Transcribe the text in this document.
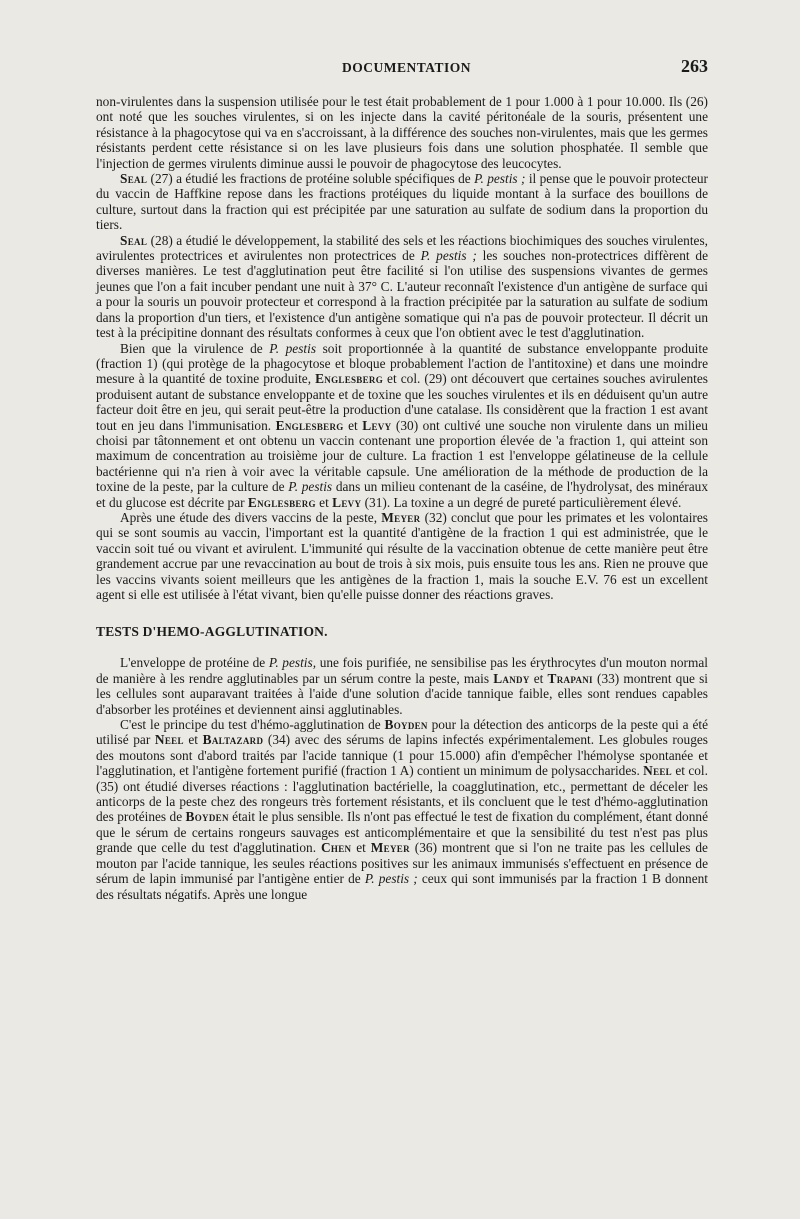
DOCUMENTATION	263

non-virulentes dans la suspension utilisée pour le test était probablement de 1 pour 1.000 à 1 pour 10.000. Ils (26) ont noté que les souches virulentes, si on les injecte dans la cavité péritonéale de la souris, présentent une résistance à la phagocytose qui va en s'accroissant, à la différence des souches non-virulentes, mais que les germes résistants perdent cette résistance si on les lave plusieurs fois dans une solution phosphatée. Il semble que l'injection de germes virulents diminue aussi le pouvoir de phagocytose des leucocytes.

Seal (27) a étudié les fractions de protéine soluble spécifiques de P. pestis ; il pense que le pouvoir protecteur du vaccin de Haffkine repose dans les fractions protéiques du liquide montant à la surface des bouillons de culture, surtout dans la fraction qui est précipitée par une saturation au sulfate de sodium dans la proportion du tiers.

Seal (28) a étudié le développement, la stabilité des sels et les réactions biochimiques des souches virulentes, avirulentes protectrices et avirulentes non protectrices de P. pestis ; les souches non-protectrices diffèrent de diverses manières. Le test d'agglutination peut être facilité si l'on utilise des suspensions vivantes de germes jeunes que l'on a fait incuber pendant une nuit à 37° C. L'auteur reconnaît l'existence d'un antigène de surface qui a pour la souris un pouvoir protecteur et correspond à la fraction précipitée par la saturation au sulfate de sodium dans la proportion d'un tiers, et l'existence d'un antigène somatique qui n'a pas de pouvoir protecteur. Il décrit un test à la précipitine donnant des résultats conformes à ceux que l'on obtient avec le test d'agglutination.

Bien que la virulence de P. pestis soit proportionnée à la quantité de substance enveloppante produite (fraction 1) (qui protège de la phagocytose et bloque probablement l'action de l'antitoxine) et dans une moindre mesure à la quantité de toxine produite, Englesberg et col. (29) ont découvert que certaines souches avirulentes produisent autant de substance enveloppante et de toxine que les souches virulentes et ils en déduisent qu'un autre facteur doit être en jeu, qui serait peut-être la production d'une catalase. Ils considèrent que la fraction 1 est avant tout en jeu dans l'immunisation. Englesberg et Levy (30) ont cultivé une souche non virulente dans un milieu choisi par tâtonnement et ont obtenu un vaccin contenant une proportion élevée de 'a fraction 1, qui atteint son maximum de concentration au troisième jour de culture. La fraction 1 est l'enveloppe gélatineuse de la cellule bactérienne qui n'a rien à voir avec la véritable capsule. Une amélioration de la méthode de production de la toxine de la peste, par la culture de P. pestis dans un milieu contenant de la caséine, de l'hydrolysat, des minéraux et du glucose est décrite par Englesberg et Levy (31). La toxine a un degré de pureté particulièrement élevé.

Après une étude des divers vaccins de la peste, Meyer (32) conclut que pour les primates et les volontaires qui se sont soumis au vaccin, l'important est la quantité d'antigène de la fraction 1 qui est administrée, que le vaccin soit tué ou vivant et avirulent. L'immunité qui résulte de la vaccination obtenue de cette manière peut être grandement accrue par une revaccination au bout de trois à six mois, puis ensuite tous les ans. Rien ne prouve que les vaccins vivants soient meilleurs que les antigènes de la fraction 1, mais la souche E.V. 76 est un excellent agent si elle est utilisée à l'état vivant, bien qu'elle puisse donner des réactions graves.

TESTS D'HEMO-AGGLUTINATION.

L'enveloppe de protéine de P. pestis, une fois purifiée, ne sensibilise pas les érythrocytes d'un mouton normal de manière à les rendre agglutinables par un sérum contre la peste, mais Landy et Trapani (33) montrent que si les cellules sont auparavant traitées à l'aide d'une solution d'acide tannique faible, elles sont rendues capables d'absorber les protéines et deviennent ainsi agglutinables.

C'est le principe du test d'hémo-agglutination de Boyden pour la détection des anticorps de la peste qui a été utilisé par Neel et Baltazard (34) avec des sérums de lapins infectés expérimentalement. Les globules rouges des moutons sont d'abord traités par l'acide tannique (1 pour 15.000) afin d'empêcher l'hémolyse spontanée et l'agglutination, et l'antigène fortement purifié (fraction 1 A) contient un minimum de polysaccharides. Neel et col. (35) ont étudié diverses réactions : l'agglutination bactérielle, la coagglutination, etc., permettant de déceler les anticorps de la peste chez des rongeurs très fortement résistants, et ils concluent que le test d'hémo-agglutination des protéines de Boyden était le plus sensible. Ils n'ont pas effectué le test de fixation du complément, étant donné que le sérum de certains rongeurs sauvages est anticomplémentaire et que la sensibilité du test n'est pas plus grande que celle du test d'agglutination. Chen et Meyer (36) montrent que si l'on ne traite pas les cellules de mouton par l'acide tannique, les seules réactions positives sur les animaux immunisés s'effectuent en présence de sérum de lapin immunisé par l'antigène entier de P. pestis ; ceux qui sont immunisés par la fraction 1 B donnent des résultats négatifs. Après une longue
